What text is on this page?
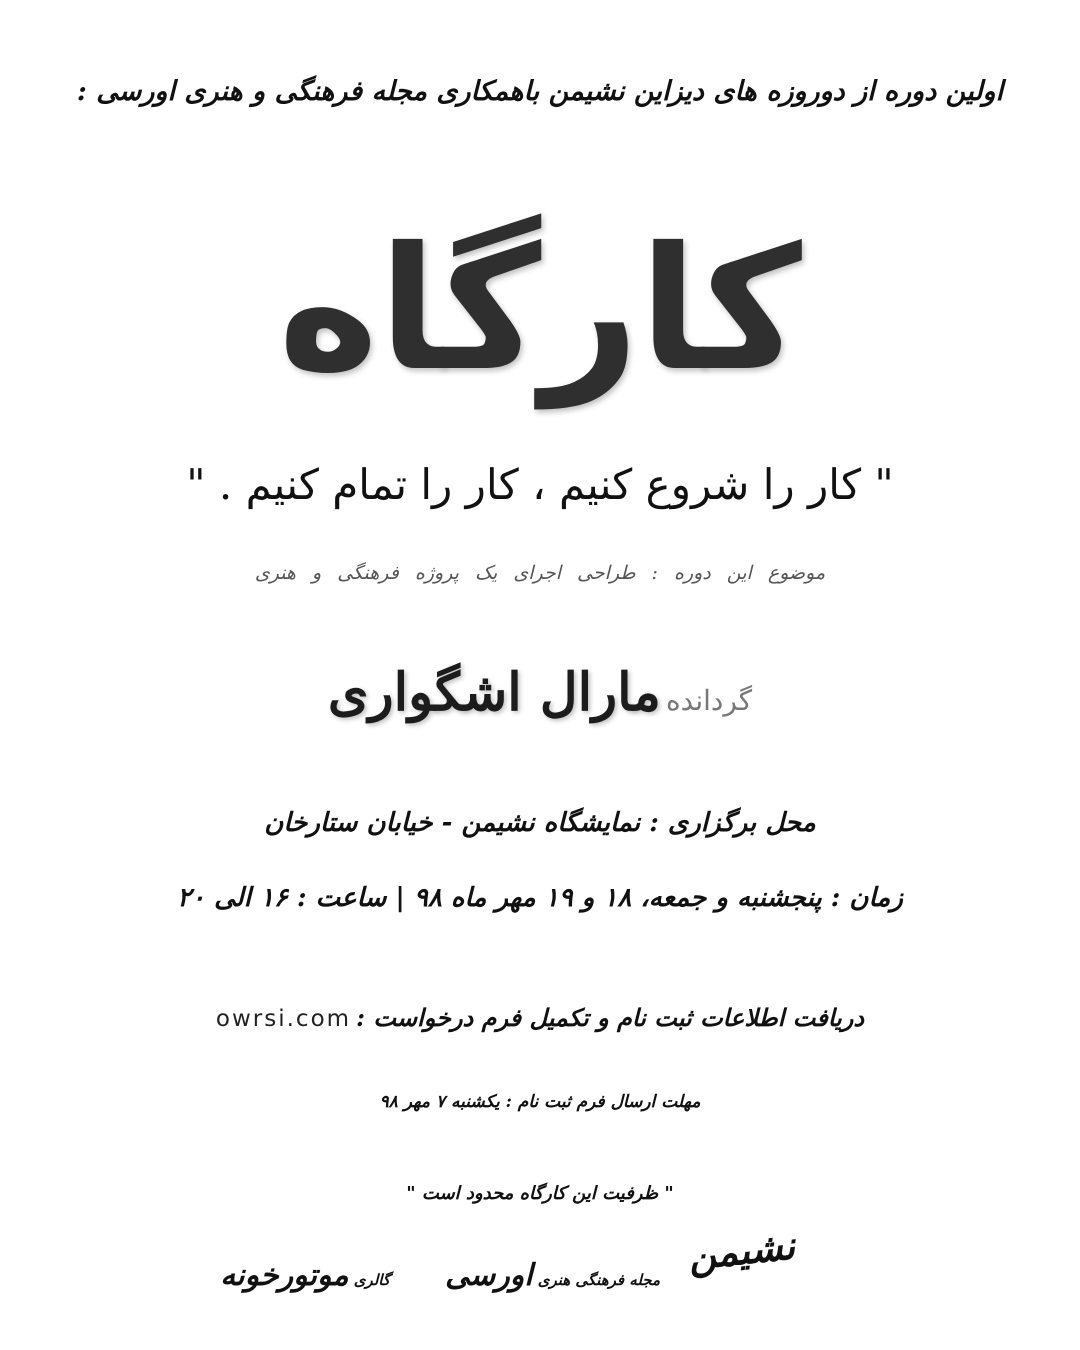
اولین دوره از دوروزه های دیزاین نشیمن باهمکاری مجله فرهنگی و هنری اورسی :
کارگاه
" کار را شروع کنیم ، کار را تمام کنیم . "
موضوع این دوره : طراحی اجرای یک پروژه فرهنگی و هنری
گردانده مارال اشگواری
محل برگزاری : نمایشگاه نشیمن - خیابان ستارخان
زمان : پنجشنبه و جمعه، ۱۸ و ۱۹ مهر ماه ۹۸ | ساعت : ۱۶ الی ۲۰
دریافت اطلاعات ثبت نام و تکمیل فرم درخواست : owrsi.com
مهلت ارسال فرم ثبت نام : یکشنبه ۷ مهر ۹۸
" ظرفیت این کارگاه محدود است "
نشیمن
مجله فرهنگی هنری اورسی
گالری موتورخونه
